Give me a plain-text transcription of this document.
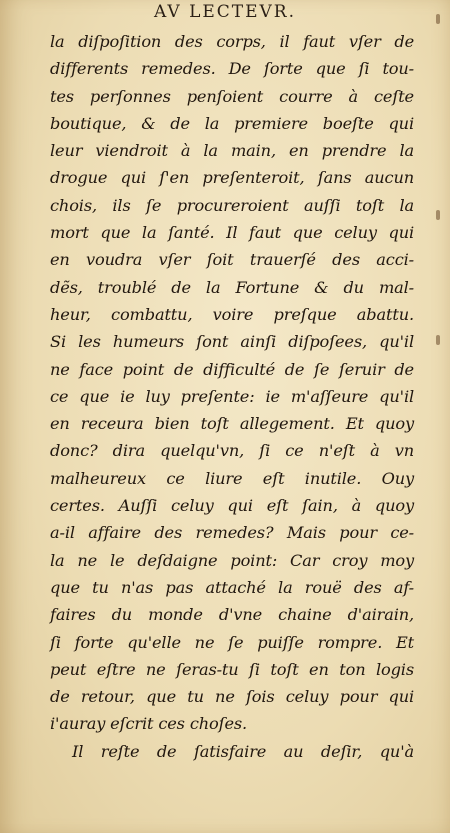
AV LECTEVR.
la diſpoſition des corps, il faut vſer de
differents remedes. De ſorte que ſi tou-
tes perſonnes penſoient courre à ceſte
boutique, & de la premiere boeſte qui
leur viendroit à la main, en prendre la
drogue qui ſ'en preſenteroit, ſans aucun
chois, ils ſe procureroient auſſi toſt la
mort que la ſanté. Il faut que celuy qui
en voudra vſer ſoit trauerſé des acci-
dẽs, troublé de la Fortune & du mal-
heur, combattu, voire preſque abattu.
Si les humeurs ſont ainſi diſpoſees, qu'il
ne face point de difficulté de ſe ſeruir de
ce que ie luy preſente: ie m'aſſeure qu'il
en receura bien toſt allegement. Et quoy
donc? dira quelqu'vn, ſi ce n'eſt à vn
malheureux ce liure eſt inutile. Ouy
certes. Auſſi celuy qui eſt ſain, à quoy
a-il affaire des remedes? Mais pour ce-
la ne le deſdaigne point: Car croy moy
que tu n'as pas attaché la rouë des af-
faires du monde d'vne chaine d'airain,
ſi forte qu'elle ne ſe puiſſe rompre. Et
peut eſtre ne ſeras-tu ſi toſt en ton logis
de retour, que tu ne ſois celuy pour qui
i'auray eſcrit ces choſes.
Il reſte de ſatisfaire au deſir, qu'à
